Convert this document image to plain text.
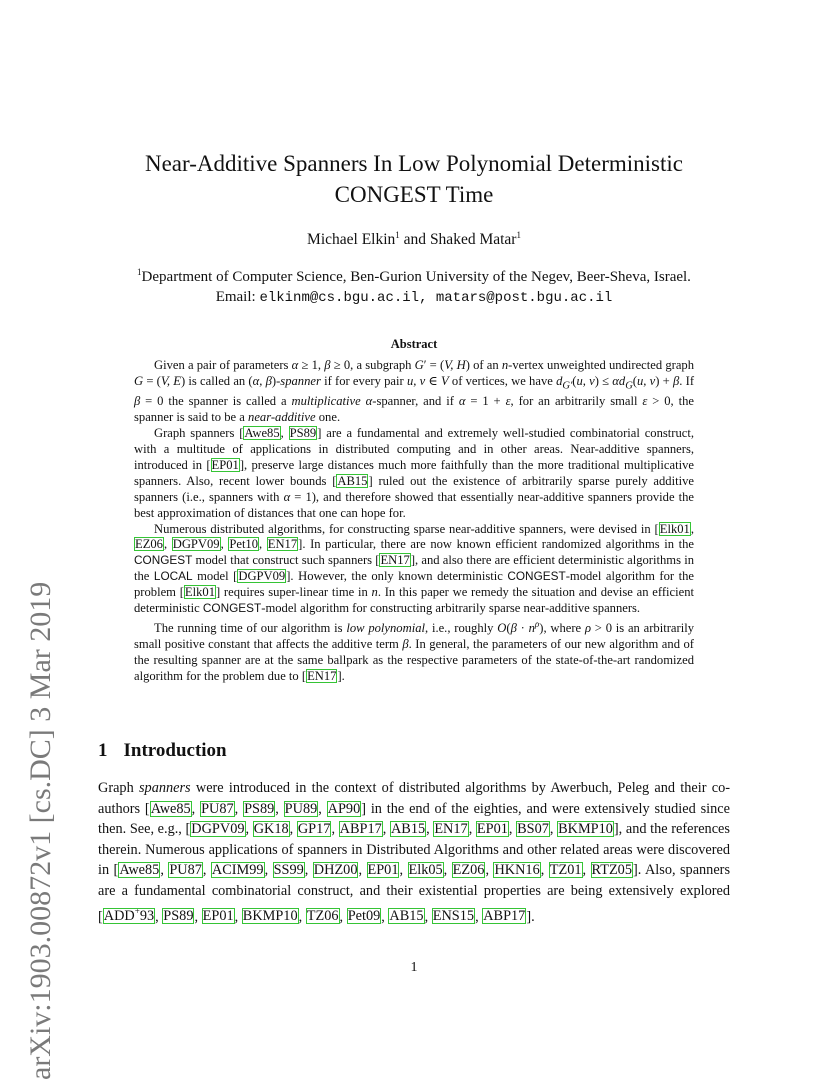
arXiv:1903.00872v1 [cs.DC] 3 Mar 2019
Near-Additive Spanners In Low Polynomial Deterministic
CONGEST Time
Michael Elkin$^1$ and Shaked Matar$^1$
$^1$Department of Computer Science, Ben-Gurion University of the Negev, Beer-Sheva, Israel.
Email: elkinm@cs.bgu.ac.il, matars@post.bgu.ac.il
Abstract

Given a pair of parameters α ≥ 1, β ≥ 0, a subgraph G′ = (V, H) of an n-vertex unweighted undirected graph G = (V, E) is called an (α, β)-spanner if for every pair u, v ∈ V of vertices, we have $d_{G'}(u$, $v) \le \alpha d_G(u$, v) + β. If β = 0 the spanner is called a multiplicative α-spanner, and if α = 1 + ε, for an arbitrarily small ε > 0, the spanner is said to be a near-additive one.

Graph spanners [Awe85, PS89] are a fundamental and extremely well-studied combinatorial construct, with a multitude of applications in distributed computing and in other areas. Near-additive spanners, introduced in [EP01], preserve large distances much more faithfully than the more traditional multiplicative spanners. Also, recent lower bounds [AB15] ruled out the existence of arbitrarily sparse purely additive spanners (i.e., spanners with α = 1), and therefore showed that essentially near-additive spanners provide the best approximation of distances that one can hope for.

Numerous distributed algorithms, for constructing sparse near-additive spanners, were devised in [Elk01, EZ06, DGPV09, Pet10, EN17]. In particular, there are now known efficient randomized algorithms in the CONGEST model that construct such spanners [EN17], and also there are efficient deterministic algorithms in the LOCAL model [DGPV09]. However, the only known deterministic CONGEST-model algorithm for the problem [Elk01] requires super-linear time in n. In this paper we remedy the situation and devise an efficient deterministic CONGEST-model algorithm for constructing arbitrarily sparse near-additive spanners.

The running time of our algorithm is low polynomial, i.e., roughly $O(\beta \cdot n^\rho)$, where ρ > 0 is an arbitrarily small positive constant that affects the additive term β. In general, the parameters of our new algorithm and of the resulting spanner are at the same ballpark as the respective parameters of the state-of-the-art randomized algorithm for the problem due to [EN17].

1 Introduction

Graph spanners were introduced in the context of distributed algorithms by Awerbuch, Peleg and their co-authors [Awe85, PU87, PS89, PU89, AP90] in the end of the eighties, and were extensively studied since then. See, e.g., [DGPV09, GK18, GP17, ABP17, AB15, EN17, EP01, BS07, BKMP10], and the references therein. Numerous applications of spanners in Distributed Algorithms and other related areas were discovered in [Awe85, PU87, ACIM99, SS99, DHZ00, EP01, Elk05, EZ06, HKN16, TZ01, RTZ05]. Also, spanners are a fundamental combinatorial construct, and their existential properties are being extensively explored [ADD+93, PS89, EP01, BKMP10, TZ06, Pet09, AB15, ENS15, ABP17].

1
